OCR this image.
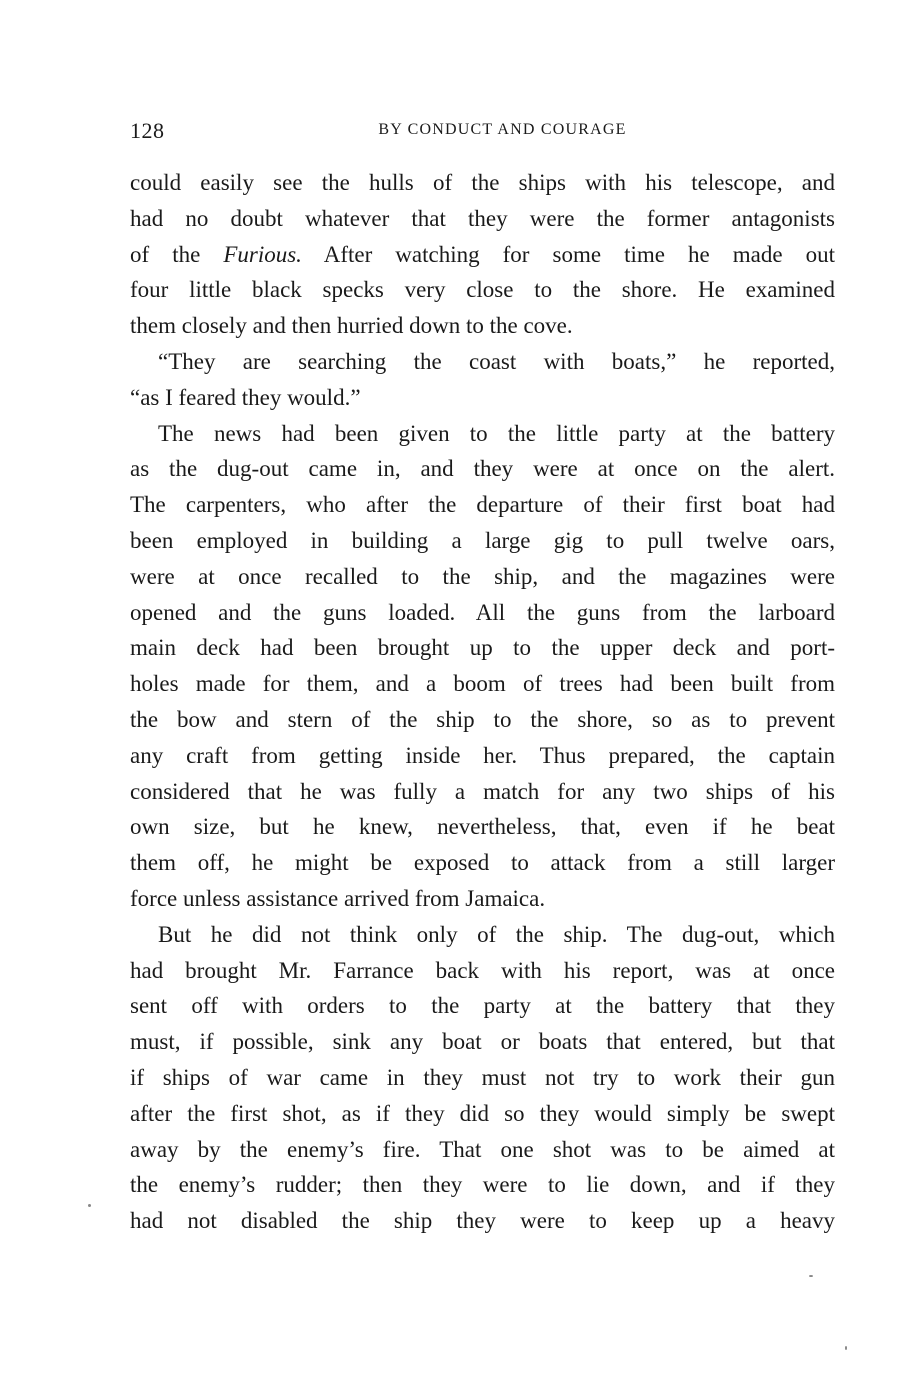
128	BY CONDUCT AND COURAGE
could easily see the hulls of the ships with his telescope, and
had no doubt whatever that they were the former antagonists
of the Furious. After watching for some time he made out
four little black specks very close to the shore. He examined
them closely and then hurried down to the cove.
“They are searching the coast with boats,” he reported,
“as I feared they would.”
The news had been given to the little party at the battery
as the dug-out came in, and they were at once on the alert.
The carpenters, who after the departure of their first boat had
been employed in building a large gig to pull twelve oars,
were at once recalled to the ship, and the magazines were
opened and the guns loaded. All the guns from the larboard
main deck had been brought up to the upper deck and port-
holes made for them, and a boom of trees had been built from
the bow and stern of the ship to the shore, so as to prevent
any craft from getting inside her. Thus prepared, the captain
considered that he was fully a match for any two ships of his
own size, but he knew, nevertheless, that, even if he beat
them off, he might be exposed to attack from a still larger
force unless assistance arrived from Jamaica.
But he did not think only of the ship. The dug-out, which
had brought Mr. Farrance back with his report, was at once
sent off with orders to the party at the battery that they
must, if possible, sink any boat or boats that entered, but that
if ships of war came in they must not try to work their gun
after the first shot, as if they did so they would simply be swept
away by the enemy’s fire. That one shot was to be aimed at
the enemy’s rudder; then they were to lie down, and if they
had not disabled the ship they were to keep up a heavy
